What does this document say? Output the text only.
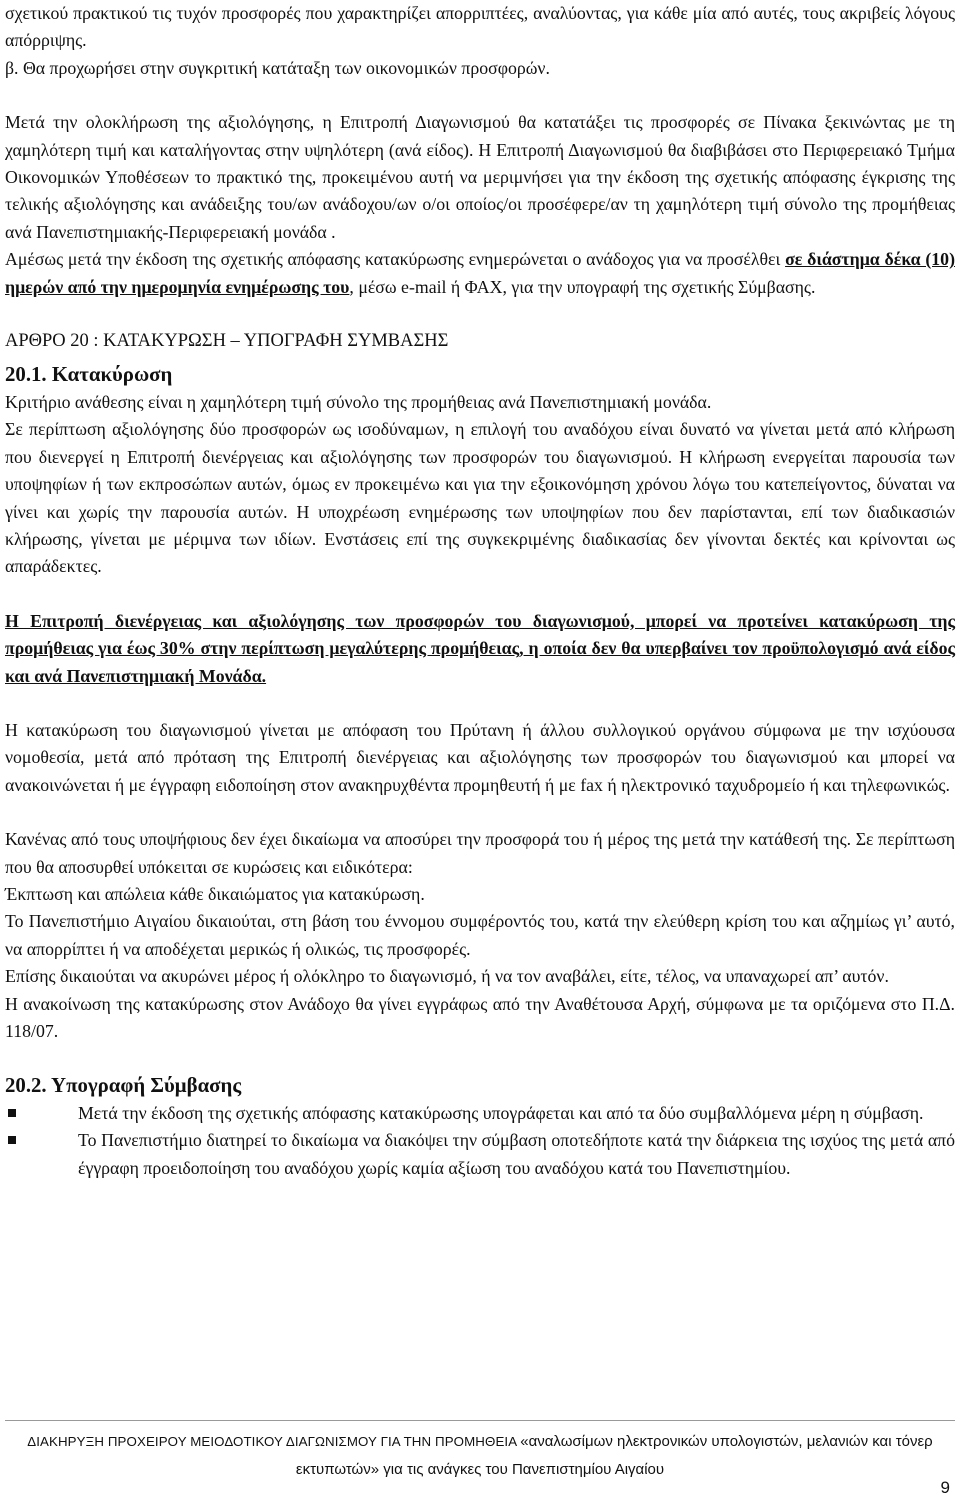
σχετικού πρακτικού τις τυχόν προσφορές που χαρακτηρίζει απορριπτέες, αναλύοντας, για κάθε μία από αυτές, τους ακριβείς λόγους απόρριψης.

β. Θα προχωρήσει στην συγκριτική κατάταξη των οικονομικών προσφορών.

Μετά την ολοκλήρωση της αξιολόγησης, η Επιτροπή Διαγωνισμού θα κατατάξει τις προσφορές σε Πίνακα ξεκινώντας με τη χαμηλότερη τιμή και καταλήγοντας στην υψηλότερη (ανά είδος). Η Επιτροπή Διαγωνισμού θα διαβιβάσει στο Περιφερειακό Τμήμα Οικονομικών Υποθέσεων το πρακτικό της, προκειμένου αυτή να μεριμνήσει για την έκδοση της σχετικής απόφασης έγκρισης της τελικής αξιολόγησης και ανάδειξης του/ων ανάδοχου/ων ο/οι οποίος/οι προσέφερε/αν τη χαμηλότερη τιμή σύνολο της προμήθειας ανά Πανεπιστημιακής-Περιφερειακή μονάδα .

Αμέσως μετά την έκδοση της σχετικής απόφασης κατακύρωσης ενημερώνεται ο ανάδοχος για να προσέλθει σε διάστημα δέκα (10) ημερών από την ημερομηνία ενημέρωσης του, μέσω e-mail ή ΦΑΧ, για την υπογραφή της σχετικής Σύμβασης.

ΑΡΘΡΟ 20 : ΚΑΤΑΚΥΡΩΣΗ – ΥΠΟΓΡΑΦΗ ΣΥΜΒΑΣΗΣ
20.1. Κατακύρωση

Κριτήριο ανάθεσης είναι η χαμηλότερη τιμή σύνολο της προμήθειας ανά Πανεπιστημιακή μονάδα.

Σε περίπτωση αξιολόγησης δύο προσφορών ως ισοδύναμων, η επιλογή του αναδόχου είναι δυνατό να γίνεται μετά από κλήρωση που διενεργεί η Επιτροπή διενέργειας και αξιολόγησης των προσφορών του διαγωνισμού. Η κλήρωση ενεργείται παρουσία των υποψηφίων ή των εκπροσώπων αυτών, όμως εν προκειμένω και για την εξοικονόμηση χρόνου λόγω του κατεπείγοντος, δύναται να γίνει και χωρίς την παρουσία αυτών. Η υποχρέωση ενημέρωσης των υποψηφίων που δεν παρίστανται, επί των διαδικασιών κλήρωσης, γίνεται με μέριμνα των ιδίων. Ενστάσεις επί της συγκεκριμένης διαδικασίας δεν γίνονται δεκτές και κρίνονται ως απαράδεκτες.

Η Επιτροπή διενέργειας και αξιολόγησης των προσφορών του διαγωνισμού, μπορεί να προτείνει κατακύρωση της προμήθειας για έως 30% στην περίπτωση μεγαλύτερης προμήθειας, η οποία δεν θα υπερβαίνει τον προϋπολογισμό ανά είδος και ανά Πανεπιστημιακή Μονάδα.

Η κατακύρωση του διαγωνισμού γίνεται με απόφαση του Πρύτανη ή άλλου συλλογικού οργάνου σύμφωνα με την ισχύουσα νομοθεσία, μετά από πρόταση της Επιτροπή διενέργειας και αξιολόγησης των προσφορών του διαγωνισμού και μπορεί να ανακοινώνεται ή με έγγραφη ειδοποίηση στον ανακηρυχθέντα προμηθευτή ή με fax ή ηλεκτρονικό ταχυδρομείο ή και τηλεφωνικώς.

Κανένας από τους υποψήφιους δεν έχει δικαίωμα να αποσύρει την προσφορά του ή μέρος της μετά την κατάθεσή της. Σε περίπτωση που θα αποσυρθεί υπόκειται σε κυρώσεις και ειδικότερα:

Έκπτωση και απώλεια κάθε δικαιώματος για κατακύρωση.

Το Πανεπιστήμιο Αιγαίου δικαιούται, στη βάση του έννομου συμφέροντός του, κατά την ελεύθερη κρίση του και αζημίως γι’ αυτό, να απορρίπτει ή να αποδέχεται μερικώς ή ολικώς, τις προσφορές.

Επίσης δικαιούται να ακυρώνει μέρος ή ολόκληρο το διαγωνισμό, ή να τον αναβάλει, είτε, τέλος, να υπαναχωρεί απ’ αυτόν.

Η ανακοίνωση της κατακύρωσης στον Ανάδοχο θα γίνει εγγράφως από την Αναθέτουσα Αρχή, σύμφωνα με τα οριζόμενα στο Π.Δ. 118/07.

20.2. Υπογραφή Σύμβασης
Μετά την έκδοση της σχετικής απόφασης κατακύρωσης υπογράφεται και από τα δύο συμβαλλόμενα μέρη η σύμβαση.
Το Πανεπιστήμιο διατηρεί το δικαίωμα να διακόψει την σύμβαση οποτεδήποτε κατά την διάρκεια της ισχύος της μετά από έγγραφη προειδοποίηση του αναδόχου χωρίς καμία αξίωση του αναδόχου κατά του Πανεπιστημίου.
ΔΙΑΚΗΡΥΞΗ ΠΡΟΧΕΙΡΟΥ ΜΕΙΟΔΟΤΙΚΟΥ ΔΙΑΓΩΝΙΣΜΟΥ ΓΙΑ ΤΗΝ ΠΡΟΜΗΘΕΙΑ «αναλωσίμων ηλεκτρονικών υπολογιστών, μελανιών και τόνερ εκτυπωτών» για τις ανάγκες του Πανεπιστημίου Αιγαίου
9
